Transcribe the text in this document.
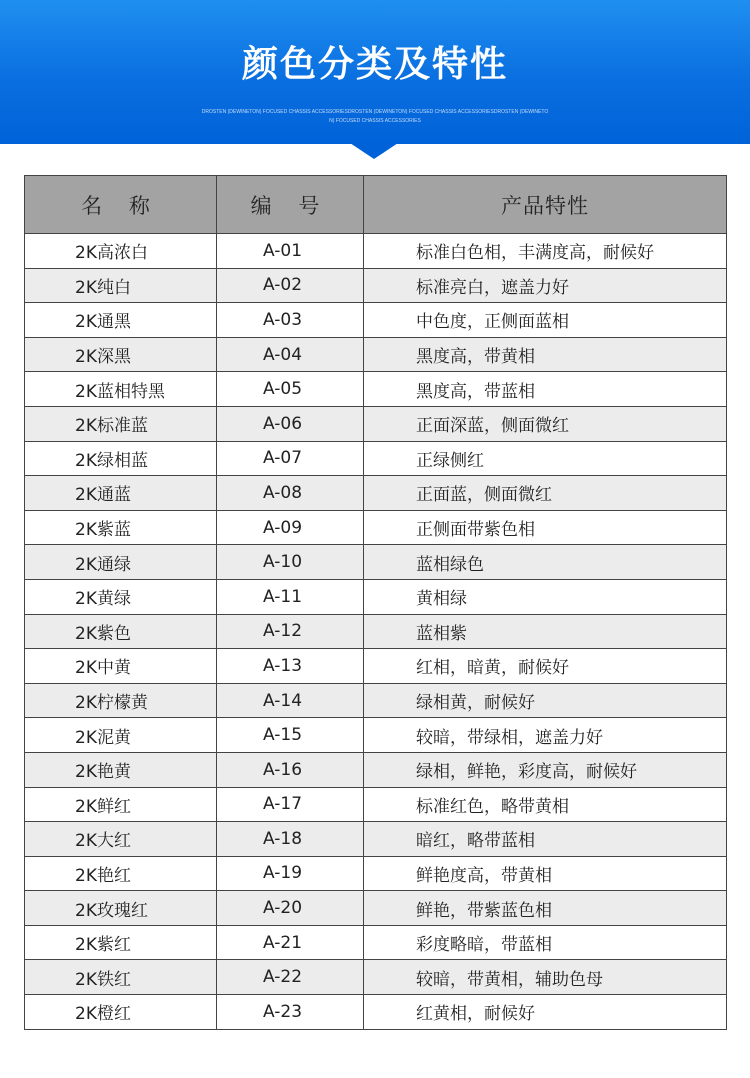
颜色分类及特性
DROSTEN (DEWINETON) FOCUSED CHASSIS ACCESSORIESDROSTEN (DEWINETON) FOCUSED CHASSIS ACCESSORIESDROSTEN (DEWINETON) FOCUSED CHASSIS ACCESSORIES
名 称	编 号	产品特性
2K高浓白	A-01	标准白色相，丰满度高，耐候好
2K纯白	A-02	标准亮白，遮盖力好
2K通黑	A-03	中色度，正侧面蓝相
2K深黑	A-04	黑度高，带黄相
2K蓝相特黑	A-05	黑度高，带蓝相
2K标准蓝	A-06	正面深蓝，侧面微红
2K绿相蓝	A-07	正绿侧红
2K通蓝	A-08	正面蓝，侧面微红
2K紫蓝	A-09	正侧面带紫色相
2K通绿	A-10	蓝相绿色
2K黄绿	A-11	黄相绿
2K紫色	A-12	蓝相紫
2K中黄	A-13	红相，暗黄，耐候好
2K柠檬黄	A-14	绿相黄，耐候好
2K泥黄	A-15	较暗，带绿相，遮盖力好
2K艳黄	A-16	绿相，鲜艳，彩度高，耐候好
2K鲜红	A-17	标准红色，略带黄相
2K大红	A-18	暗红，略带蓝相
2K艳红	A-19	鲜艳度高，带黄相
2K玫瑰红	A-20	鲜艳，带紫蓝色相
2K紫红	A-21	彩度略暗，带蓝相
2K铁红	A-22	较暗，带黄相，辅助色母
2K橙红	A-23	红黄相，耐候好
